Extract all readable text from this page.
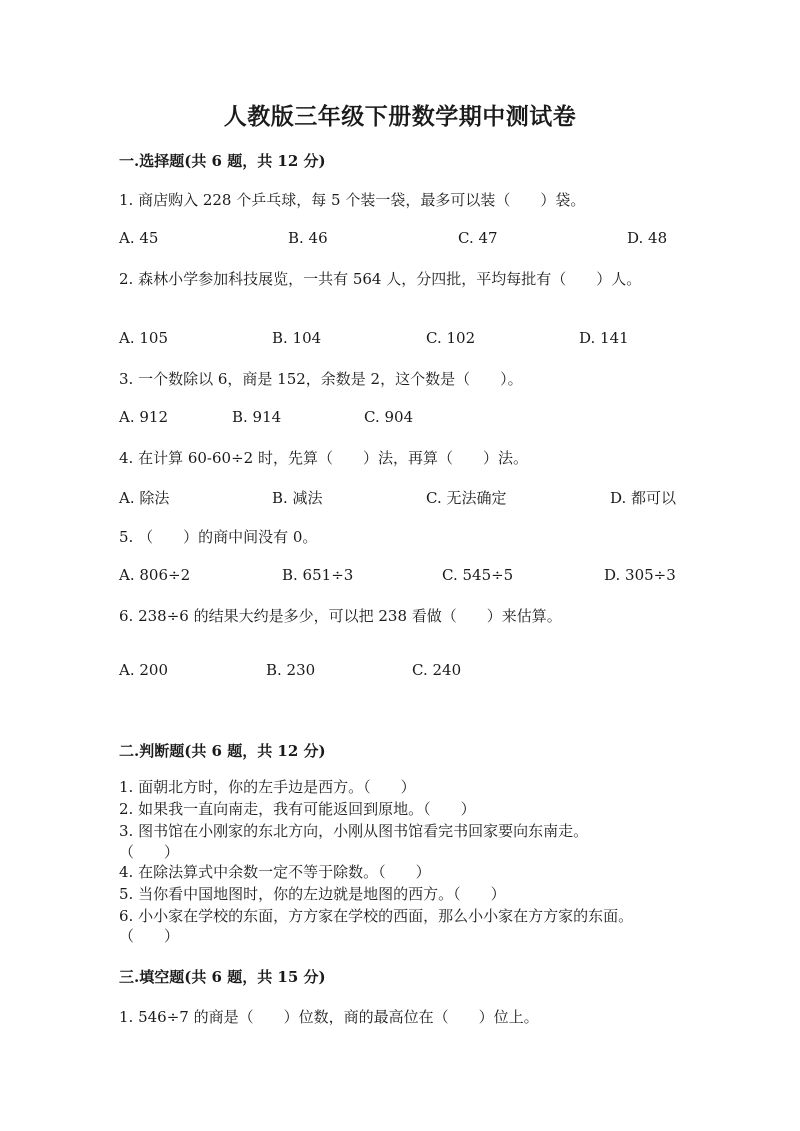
人教版三年级下册数学期中测试卷
一.选择题(共 6 题，共 12 分)
1. 商店购入 228 个乒乓球，每 5 个装一袋，最多可以装（　　）袋。
A. 45	B. 46	C. 47	D. 48
2. 森林小学参加科技展览，一共有 564 人，分四批，平均每批有（　　）人。
A. 105	B. 104	C. 102	D. 141
3. 一个数除以 6，商是 152，余数是 2，这个数是（　　）。
A. 912	B. 914	C. 904
4. 在计算 60-60÷2 时，先算（　　）法，再算（　　）法。
A. 除法	B. 减法	C. 无法确定	D. 都可以
5. （　　）的商中间没有 0。
A. 806÷2	B. 651÷3	C. 545÷5	D. 305÷3
6. 238÷6 的结果大约是多少，可以把 238 看做（　　）来估算。
A. 200	B. 230	C. 240
二.判断题(共 6 题，共 12 分)
1. 面朝北方时，你的左手边是西方。（　　）
2. 如果我一直向南走，我有可能返回到原地。（　　）
3. 图书馆在小刚家的东北方向，小刚从图书馆看完书回家要向东南走。
（　　）
4. 在除法算式中余数一定不等于除数。（　　）
5. 当你看中国地图时，你的左边就是地图的西方。（　　）
6. 小小家在学校的东面，方方家在学校的西面，那么小小家在方方家的东面。
（　　）
三.填空题(共 6 题，共 15 分)
1. 546÷7 的商是（　　）位数，商的最高位在（　　）位上。
